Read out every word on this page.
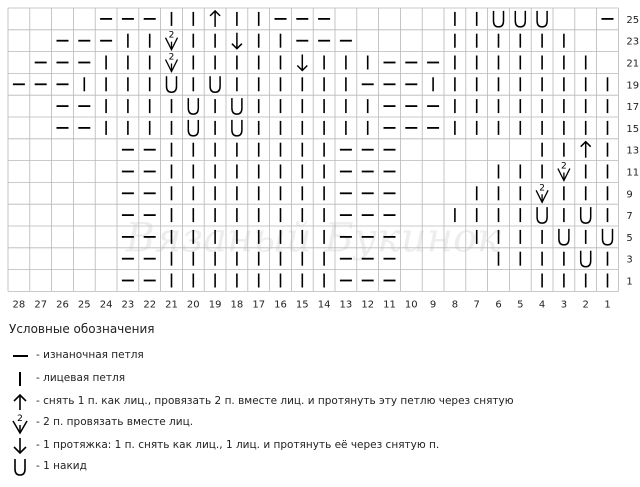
Вязаный Букинок
28 27 26 25 24 23 22 21 20 19 18 17 16 15 14 13 12 11 10 9 8 7 6 5 4 3 2 1
25
23
21
19
17
15
13
11
9
7
5
3
1
2
2
2
2
Условные обозначения
- изнаночная петля
- лицевая петля
- снять 1 п. как лиц., провязать 2 п. вместе лиц. и протянуть эту петлю через снятую
2 - 2 п. провязать вместе лиц.
- 1 протяжка: 1 п. снять как лиц., 1 лиц. и протянуть её через снятую п.
- 1 накид
